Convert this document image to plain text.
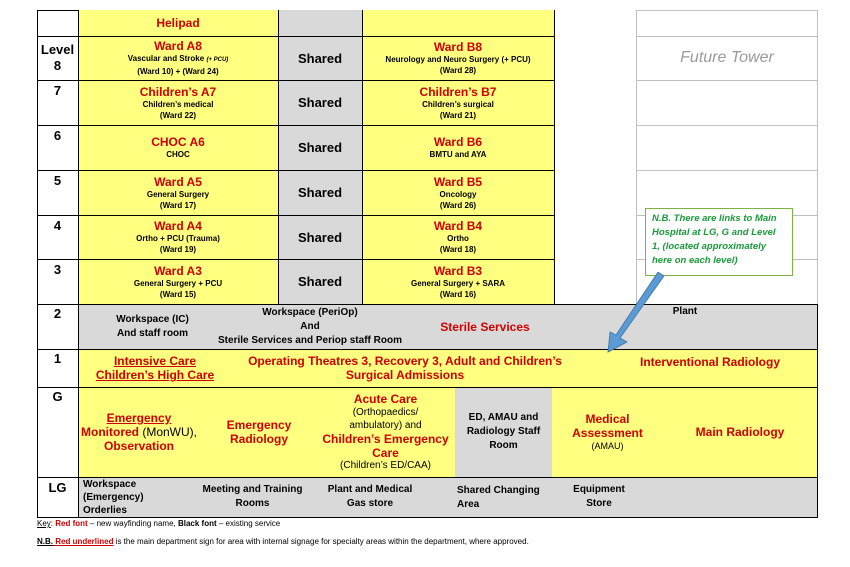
Level
8
7
6
5
4
3
2
1
G
LG
Helipad
Ward A8
Vascular and Stroke (+ PCU)
(Ward 10) + (Ward 24)
Children’s A7
Children’s medical
(Ward 22)
CHOC A6
CHOC
Ward A5
General Surgery
(Ward 17)
Ward A4
Ortho + PCU (Trauma)
(Ward 19)
Ward A3
General Surgery + PCU
(Ward 15)
Shared
Shared
Shared
Shared
Shared
Shared
Ward B8
Neurology and Neuro Surgery (+ PCU)
(Ward 28)
Children’s B7
Children’s surgical
(Ward 21)
Ward B6
BMTU and AYA
Ward B5
Oncology
(Ward 26)
Ward B4
Ortho
(Ward 18)
Ward B3
General Surgery + SARA
(Ward 16)
Future Tower
N.B. There are links to Main Hospital at LG, G and Level 1, (located approximately here on each level)
Workspace (IC)
And staff room
Workspace (PeriOp)
And
Sterile Services and Periop staff Room
Sterile Services
Plant
Intensive Care
Children’s High Care
Operating Theatres 3, Recovery 3, Adult and Children’s Surgical Admissions
Interventional Radiology
Emergency
Monitored (MonWU),
Observation
Emergency
Radiology
Acute Care
(Orthopaedics/
ambulatory) and
Children’s Emergency
Care
(Children’s ED/CAA)
ED, AMAU and
Radiology Staff
Room
Medical
Assessment
(AMAU)
Main Radiology
Workspace
(Emergency)
Orderlies
Meeting and Training
Rooms
Plant and Medical
Gas store
Shared Changing
Area
Equipment
Store
Key: Red font – new wayfinding name, Black font – existing service
N.B. Red underlined is the main department sign for area with internal signage for specialty areas within the department, where approved.
